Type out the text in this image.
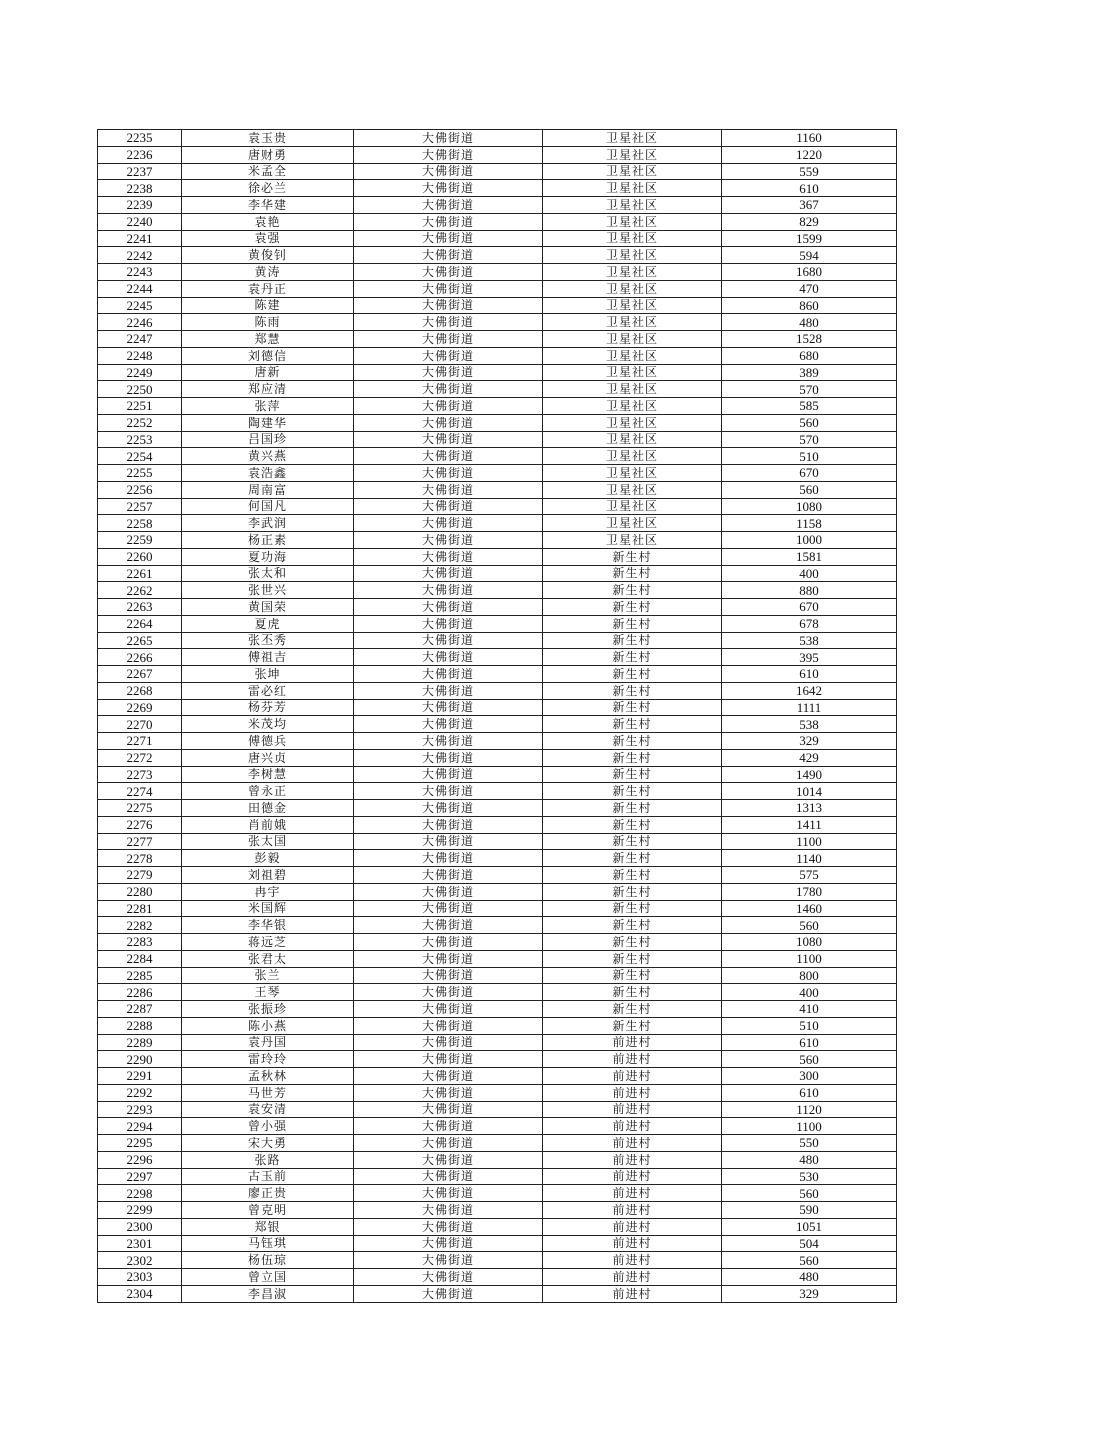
2235	袁玉贵	大佛街道	卫星社区	1160
2236	唐财勇	大佛街道	卫星社区	1220
2237	米孟全	大佛街道	卫星社区	559
2238	徐必兰	大佛街道	卫星社区	610
2239	李华建	大佛街道	卫星社区	367
2240	袁艳	大佛街道	卫星社区	829
2241	袁强	大佛街道	卫星社区	1599
2242	黄俊钊	大佛街道	卫星社区	594
2243	黄涛	大佛街道	卫星社区	1680
2244	袁丹正	大佛街道	卫星社区	470
2245	陈建	大佛街道	卫星社区	860
2246	陈雨	大佛街道	卫星社区	480
2247	郑慧	大佛街道	卫星社区	1528
2248	刘德信	大佛街道	卫星社区	680
2249	唐新	大佛街道	卫星社区	389
2250	郑应清	大佛街道	卫星社区	570
2251	张萍	大佛街道	卫星社区	585
2252	陶建华	大佛街道	卫星社区	560
2253	吕国珍	大佛街道	卫星社区	570
2254	黄兴燕	大佛街道	卫星社区	510
2255	袁浩鑫	大佛街道	卫星社区	670
2256	周南富	大佛街道	卫星社区	560
2257	何国凡	大佛街道	卫星社区	1080
2258	李武润	大佛街道	卫星社区	1158
2259	杨正素	大佛街道	卫星社区	1000
2260	夏功海	大佛街道	新生村	1581
2261	张太和	大佛街道	新生村	400
2262	张世兴	大佛街道	新生村	880
2263	黄国荣	大佛街道	新生村	670
2264	夏虎	大佛街道	新生村	678
2265	张丕秀	大佛街道	新生村	538
2266	傅祖吉	大佛街道	新生村	395
2267	张坤	大佛街道	新生村	610
2268	雷必红	大佛街道	新生村	1642
2269	杨芬芳	大佛街道	新生村	1111
2270	米茂均	大佛街道	新生村	538
2271	傅德兵	大佛街道	新生村	329
2272	唐兴贞	大佛街道	新生村	429
2273	李树慧	大佛街道	新生村	1490
2274	曾永正	大佛街道	新生村	1014
2275	田德金	大佛街道	新生村	1313
2276	肖前娥	大佛街道	新生村	1411
2277	张太国	大佛街道	新生村	1100
2278	彭毅	大佛街道	新生村	1140
2279	刘祖碧	大佛街道	新生村	575
2280	冉宇	大佛街道	新生村	1780
2281	米国辉	大佛街道	新生村	1460
2282	李华银	大佛街道	新生村	560
2283	蒋远芝	大佛街道	新生村	1080
2284	张君太	大佛街道	新生村	1100
2285	张兰	大佛街道	新生村	800
2286	王琴	大佛街道	新生村	400
2287	张振珍	大佛街道	新生村	410
2288	陈小燕	大佛街道	新生村	510
2289	袁丹国	大佛街道	前进村	610
2290	雷玲玲	大佛街道	前进村	560
2291	孟秋林	大佛街道	前进村	300
2292	马世芳	大佛街道	前进村	610
2293	袁安清	大佛街道	前进村	1120
2294	曾小强	大佛街道	前进村	1100
2295	宋大勇	大佛街道	前进村	550
2296	张路	大佛街道	前进村	480
2297	古玉前	大佛街道	前进村	530
2298	廖正贵	大佛街道	前进村	560
2299	曾克明	大佛街道	前进村	590
2300	郑银	大佛街道	前进村	1051
2301	马钰琪	大佛街道	前进村	504
2302	杨伍琼	大佛街道	前进村	560
2303	曾立国	大佛街道	前进村	480
2304	李昌淑	大佛街道	前进村	329
